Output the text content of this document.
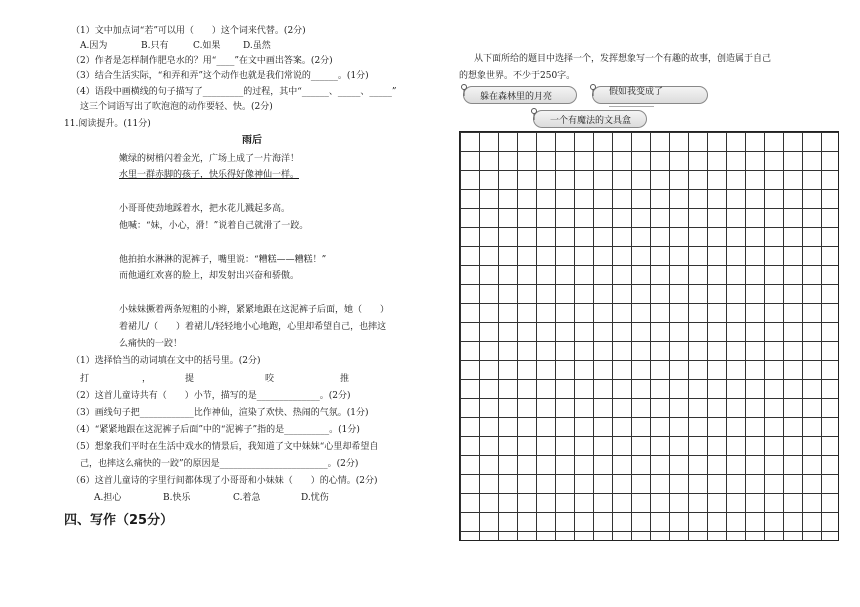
（1）文中加点词“若”可以用（　　）这个词来代替。(2分)
A.因为	B.只有	C.如果	D.虽然
（2）作者是怎样制作肥皂水的？用“____”在文中画出答案。(2分)
（3）结合生活实际，“和弄和弄”这个动作也就是我们常说的______。(1分)
（4）语段中画横线的句子描写了_________的过程，其中“______、_____、_____”
这三个词语写出了吹泡泡的动作要轻、快。(2分)
11.阅读提升。(11分)
雨后
嫩绿的树梢闪着金光，广场上成了一片海洋！
水里一群赤脚的孩子，快乐得好像神仙一样。
小哥哥使劲地踩着水，把水花儿溅起多高。
他喊：“妹，小心，滑！”说着自己就滑了一跤。
他拍拍水淋淋的泥裤子，嘴里说：“糟糕——糟糕！”
而他通红欢喜的脸上，却发射出兴奋和骄傲。
小妹妹撅着两条短粗的小辫，紧紧地跟在这泥裤子后面，她（　　）
着裙儿/（　　）着裙儿/轻轻地小心地跑，心里却希望自己，也摔这
么痛快的一跤！
（1）选择恰当的动词填在文中的括号里。(2分)
打	，	提	咬	推
（2）这首儿童诗共有（　　）小节，描写的是______________。(2分)
（3）画线句子把____________比作神仙，渲染了欢快、热闹的气氛。(1分)
（4）“紧紧地跟在这泥裤子后面”中的“泥裤子”指的是__________。(1分)
（5）想象我们平时在生活中戏水的情景后，我知道了文中妹妹“心里却希望自
己，也摔这么痛快的一跤”的原因是________________________。(2分)
（6）这首儿童诗的字里行间都体现了小哥哥和小妹妹（　　）的心情。(2分)
A.担心	B.快乐	C.着急	D.忧伤
四、写作（25分）
从下面所给的题目中选择一个，发挥想象写一个有趣的故事，创造属于自己
的想象世界。不少于250字。
躲在森林里的月亮	假如我变成了__________
一个有魔法的文具盒
